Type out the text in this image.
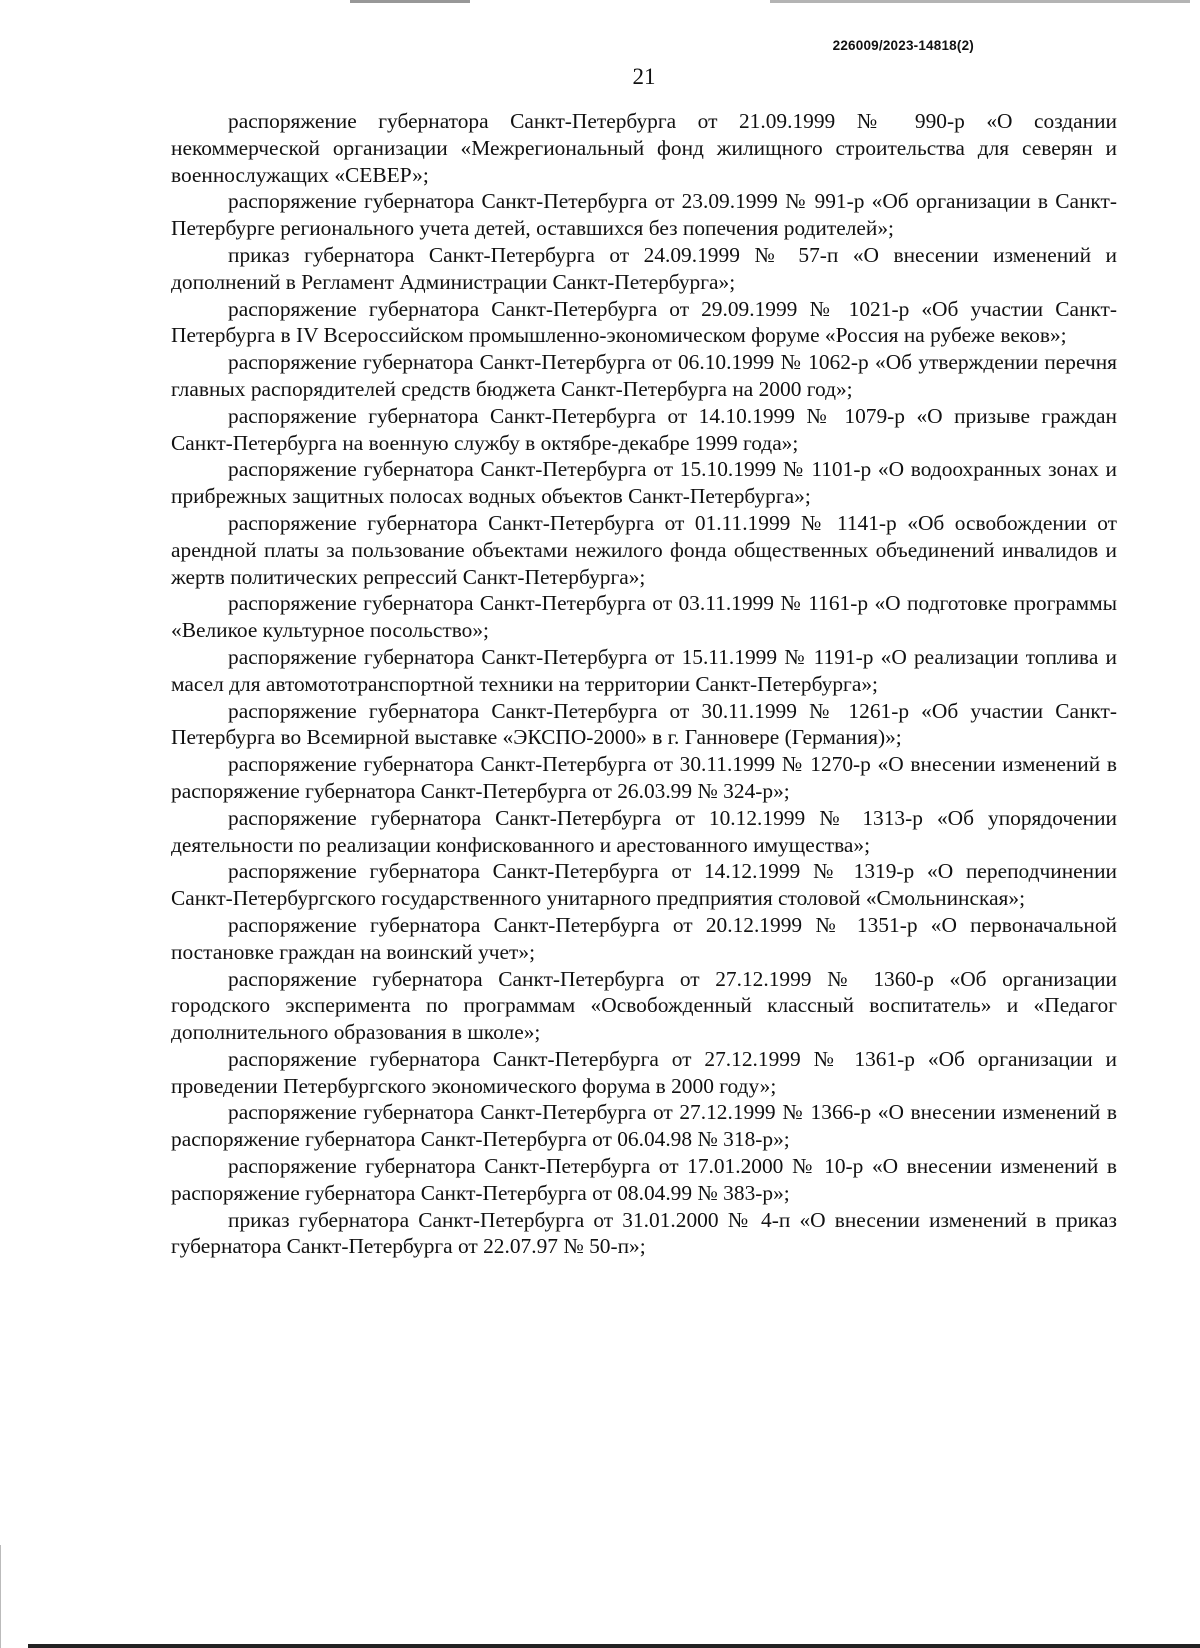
226009/2023-14818(2)
21

распоряжение губернатора Санкт-Петербурга от 21.09.1999 № 990-р «О создании некоммерческой организации «Межрегиональный фонд жилищного строительства для северян и военнослужащих «СЕВЕР»;

распоряжение губернатора Санкт-Петербурга от 23.09.1999 № 991-р «Об организации в Санкт-Петербурге регионального учета детей, оставшихся без попечения родителей»;

приказ губернатора Санкт-Петербурга от 24.09.1999 № 57-п «О внесении изменений и дополнений в Регламент Администрации Санкт-Петербурга»;

распоряжение губернатора Санкт-Петербурга от 29.09.1999 № 1021-р «Об участии Санкт-Петербурга в IV Всероссийском промышленно-экономическом форуме «Россия на рубеже веков»;

распоряжение губернатора Санкт-Петербурга от 06.10.1999 № 1062-р «Об утверждении перечня главных распорядителей средств бюджета Санкт-Петербурга на 2000 год»;

распоряжение губернатора Санкт-Петербурга от 14.10.1999 № 1079-р «О призыве граждан Санкт-Петербурга на военную службу в октябре-декабре 1999 года»;

распоряжение губернатора Санкт-Петербурга от 15.10.1999 № 1101-р «О водоохранных зонах и прибрежных защитных полосах водных объектов Санкт-Петербурга»;

распоряжение губернатора Санкт-Петербурга от 01.11.1999 № 1141-р «Об освобождении от арендной платы за пользование объектами нежилого фонда общественных объединений инвалидов и жертв политических репрессий Санкт-Петербурга»;

распоряжение губернатора Санкт-Петербурга от 03.11.1999 № 1161-р «О подготовке программы «Великое культурное посольство»;

распоряжение губернатора Санкт-Петербурга от 15.11.1999 № 1191-р «О реализации топлива и масел для автомототранспортной техники на территории Санкт-Петербурга»;

распоряжение губернатора Санкт-Петербурга от 30.11.1999 № 1261-р «Об участии Санкт-Петербурга во Всемирной выставке «ЭКСПО-2000» в г. Ганновере (Германия)»;

распоряжение губернатора Санкт-Петербурга от 30.11.1999 № 1270-р «О внесении изменений в распоряжение губернатора Санкт-Петербурга от 26.03.99 № 324-р»;

распоряжение губернатора Санкт-Петербурга от 10.12.1999 № 1313-р «Об упорядочении деятельности по реализации конфискованного и арестованного имущества»;

распоряжение губернатора Санкт-Петербурга от 14.12.1999 № 1319-р «О переподчинении Санкт-Петербургского государственного унитарного предприятия столовой «Смольнинская»;

распоряжение губернатора Санкт-Петербурга от 20.12.1999 № 1351-р «О первоначальной постановке граждан на воинский учет»;

распоряжение губернатора Санкт-Петербурга от 27.12.1999 № 1360-р «Об организации городского эксперимента по программам «Освобожденный классный воспитатель» и «Педагог дополнительного образования в школе»;

распоряжение губернатора Санкт-Петербурга от 27.12.1999 № 1361-р «Об организации и проведении Петербургского экономического форума в 2000 году»;

распоряжение губернатора Санкт-Петербурга от 27.12.1999 № 1366-р «О внесении изменений в распоряжение губернатора Санкт-Петербурга от 06.04.98 № 318-р»;

распоряжение губернатора Санкт-Петербурга от 17.01.2000 № 10-р «О внесении изменений в распоряжение губернатора Санкт-Петербурга от 08.04.99 № 383-р»;

приказ губернатора Санкт-Петербурга от 31.01.2000 № 4-п «О внесении изменений в приказ губернатора Санкт-Петербурга от 22.07.97 № 50-п»;
